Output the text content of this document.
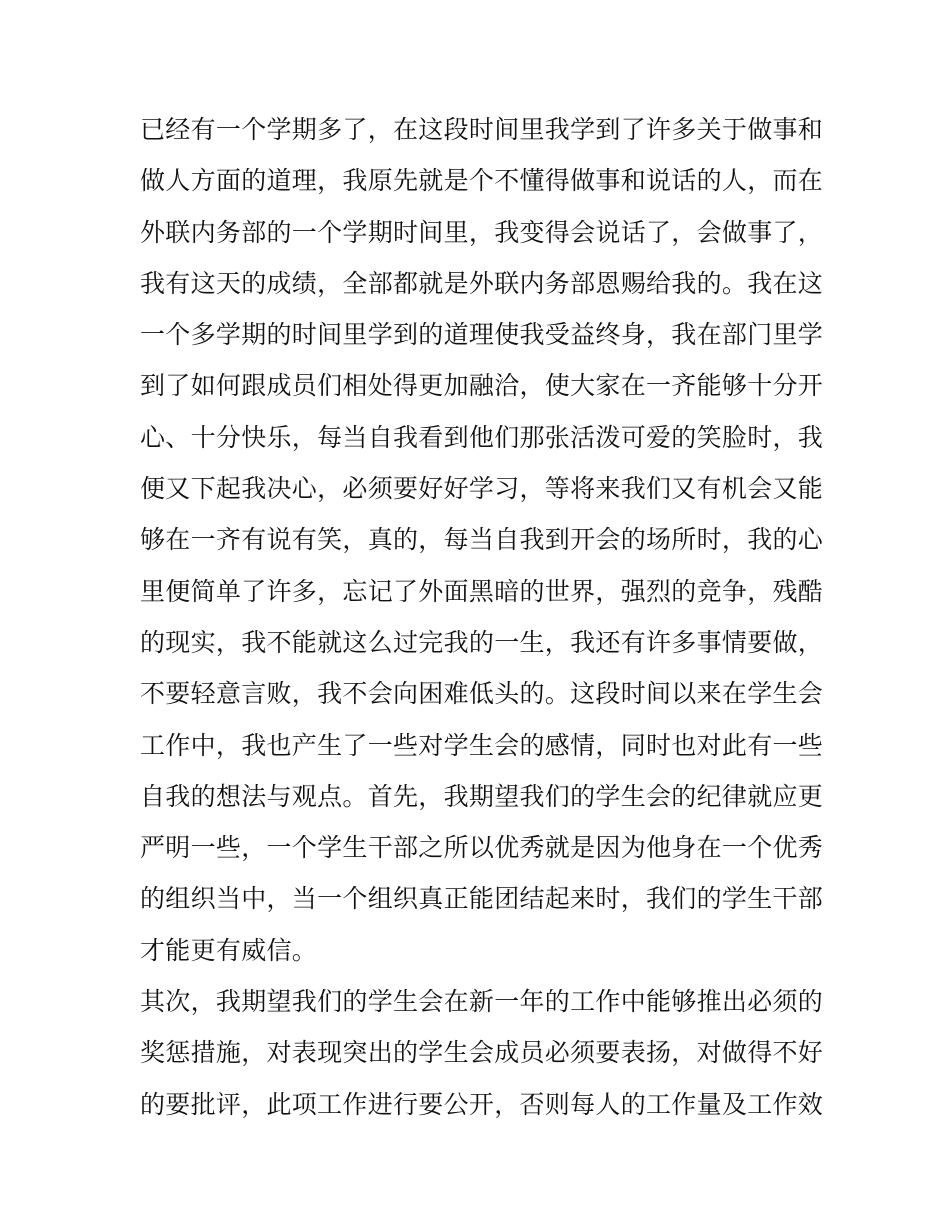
已经有一个学期多了，在这段时间里我学到了许多关于做事和
做人方面的道理，我原先就是个不懂得做事和说话的人，而在
外联内务部的一个学期时间里，我变得会说话了，会做事了，
我有这天的成绩，全部都就是外联内务部恩赐给我的。我在这
一个多学期的时间里学到的道理使我受益终身，我在部门里学
到了如何跟成员们相处得更加融洽，使大家在一齐能够十分开
心、十分快乐，每当自我看到他们那张活泼可爱的笑脸时，我
便又下起我决心，必须要好好学习，等将来我们又有机会又能
够在一齐有说有笑，真的，每当自我到开会的场所时，我的心
里便简单了许多，忘记了外面黑暗的世界，强烈的竞争，残酷
的现实，我不能就这么过完我的一生，我还有许多事情要做，
不要轻意言败，我不会向困难低头的。这段时间以来在学生会
工作中，我也产生了一些对学生会的感情，同时也对此有一些
自我的想法与观点。首先，我期望我们的学生会的纪律就应更
严明一些，一个学生干部之所以优秀就是因为他身在一个优秀
的组织当中，当一个组织真正能团结起来时，我们的学生干部
才能更有威信。
其次，我期望我们的学生会在新一年的工作中能够推出必须的
奖惩措施，对表现突出的学生会成员必须要表扬，对做得不好
的要批评，此项工作进行要公开，否则每人的工作量及工作效
